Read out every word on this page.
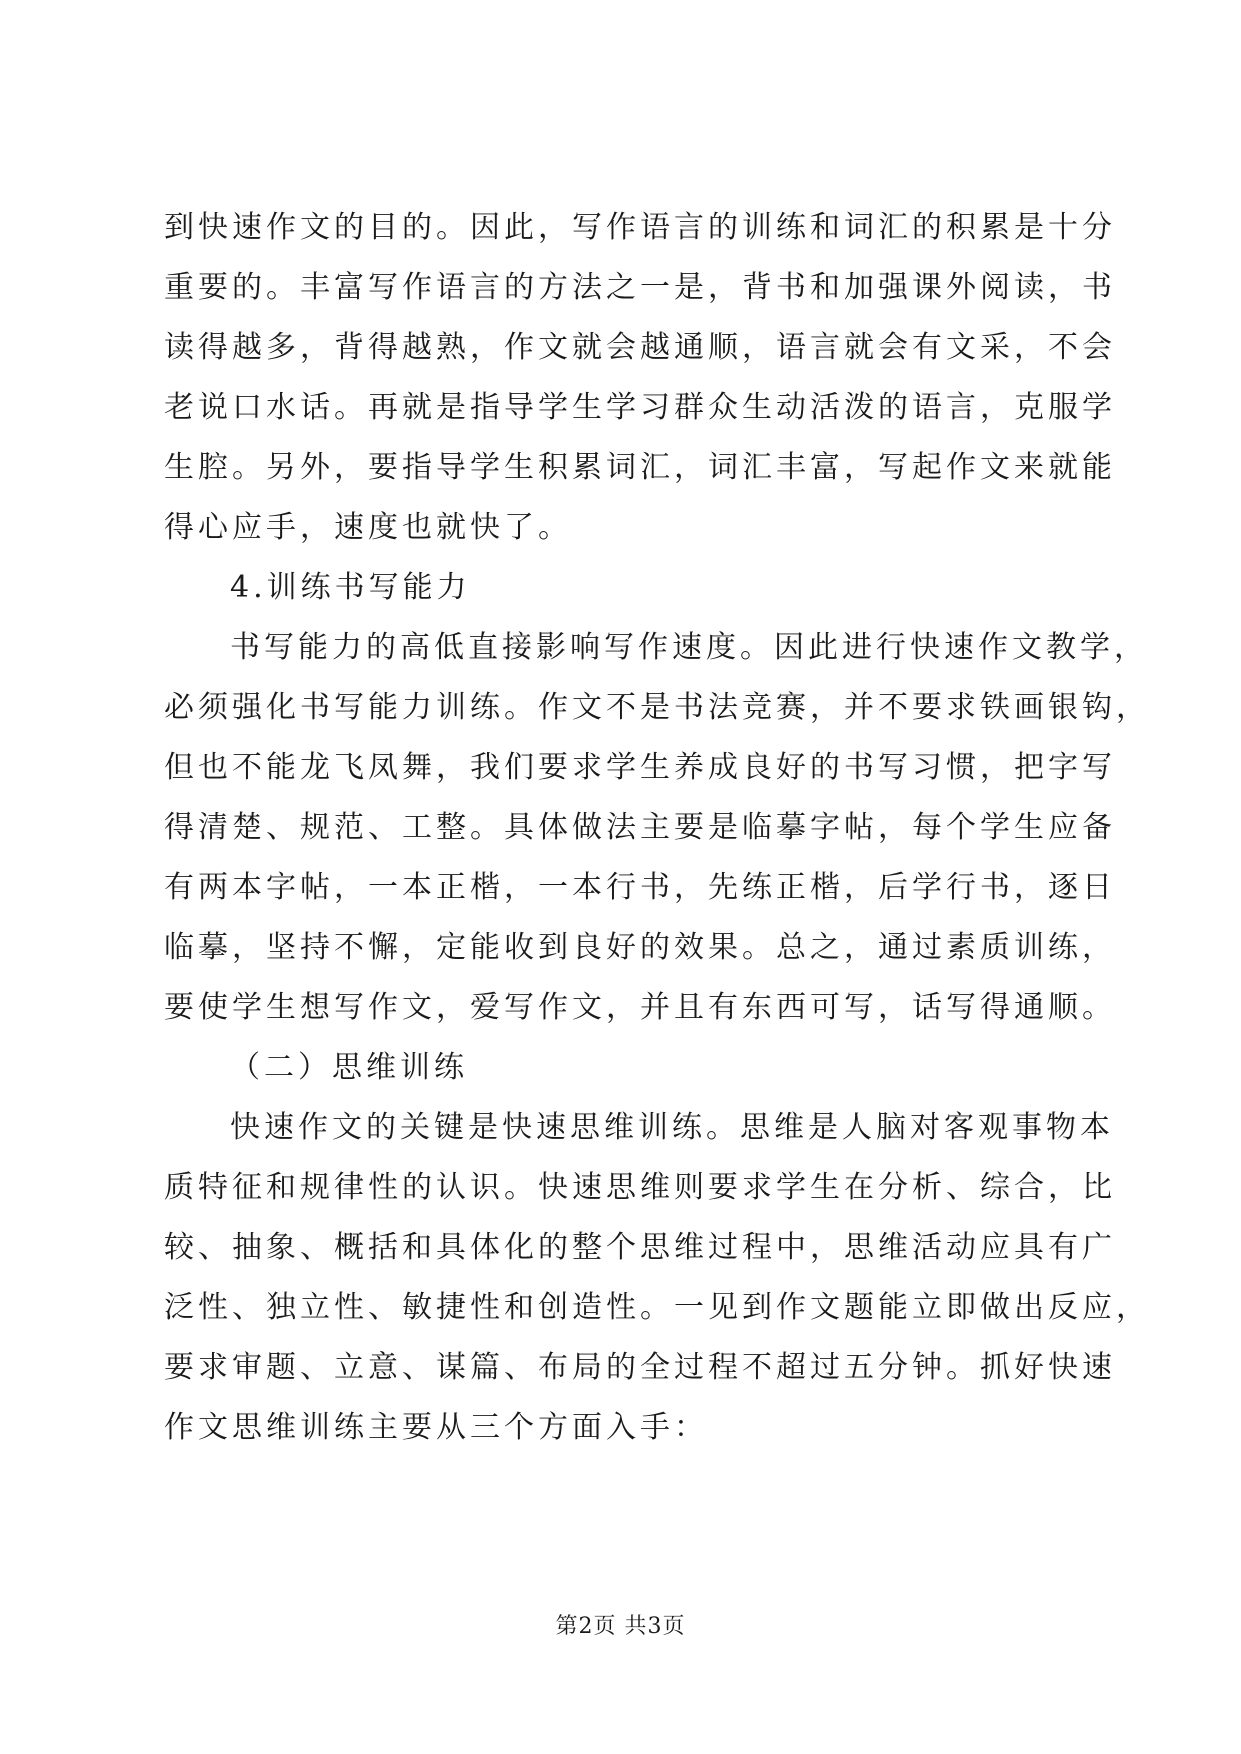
到快速作文的目的。因此，写作语言的训练和词汇的积累是十分
重要的。丰富写作语言的方法之一是，背书和加强课外阅读，书
读得越多，背得越熟，作文就会越通顺，语言就会有文采，不会
老说口水话。再就是指导学生学习群众生动活泼的语言，克服学
生腔。另外，要指导学生积累词汇，词汇丰富，写起作文来就能
得心应手，速度也就快了。
4.训练书写能力
书写能力的高低直接影响写作速度。因此进行快速作文教学，
必须强化书写能力训练。作文不是书法竞赛，并不要求铁画银钩，
但也不能龙飞凤舞，我们要求学生养成良好的书写习惯，把字写
得清楚、规范、工整。具体做法主要是临摹字帖，每个学生应备
有两本字帖，一本正楷，一本行书，先练正楷，后学行书，逐日
临摹，坚持不懈，定能收到良好的效果。总之，通过素质训练，
要使学生想写作文，爱写作文，并且有东西可写，话写得通顺。
（二）思维训练
快速作文的关键是快速思维训练。思维是人脑对客观事物本
质特征和规律性的认识。快速思维则要求学生在分析、综合，比
较、抽象、概括和具体化的整个思维过程中，思维活动应具有广
泛性、独立性、敏捷性和创造性。一见到作文题能立即做出反应，
要求审题、立意、谋篇、布局的全过程不超过五分钟。抓好快速
作文思维训练主要从三个方面入手：
第2页 共3页
